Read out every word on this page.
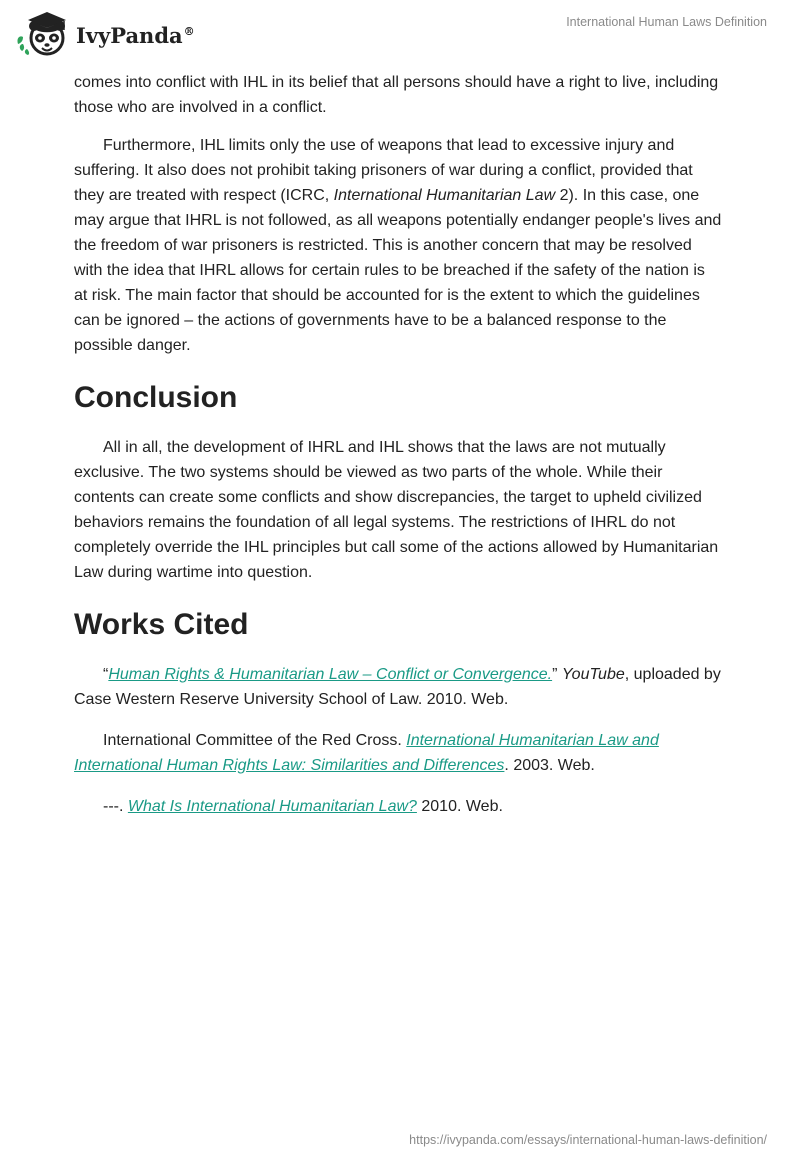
IvyPanda®
International Human Laws Definition

comes into conflict with IHL in its belief that all persons should have a right to live, including those who are involved in a conflict.

Furthermore, IHL limits only the use of weapons that lead to excessive injury and suffering. It also does not prohibit taking prisoners of war during a conflict, provided that they are treated with respect (ICRC, International Humanitarian Law 2). In this case, one may argue that IHRL is not followed, as all weapons potentially endanger people's lives and the freedom of war prisoners is restricted. This is another concern that may be resolved with the idea that IHRL allows for certain rules to be breached if the safety of the nation is at risk. The main factor that should be accounted for is the extent to which the guidelines can be ignored – the actions of governments have to be a balanced response to the possible danger.

Conclusion

All in all, the development of IHRL and IHL shows that the laws are not mutually exclusive. The two systems should be viewed as two parts of the whole. While their contents can create some conflicts and show discrepancies, the target to upheld civilized behaviors remains the foundation of all legal systems. The restrictions of IHRL do not completely override the IHL principles but call some of the actions allowed by Humanitarian Law during wartime into question.

Works Cited

“Human Rights & Humanitarian Law – Conflict or Convergence.” YouTube, uploaded by Case Western Reserve University School of Law. 2010. Web.

International Committee of the Red Cross. International Humanitarian Law and International Human Rights Law: Similarities and Differences. 2003. Web.

---. What Is International Humanitarian Law? 2010. Web.

https://ivypanda.com/essays/international-human-laws-definition/
